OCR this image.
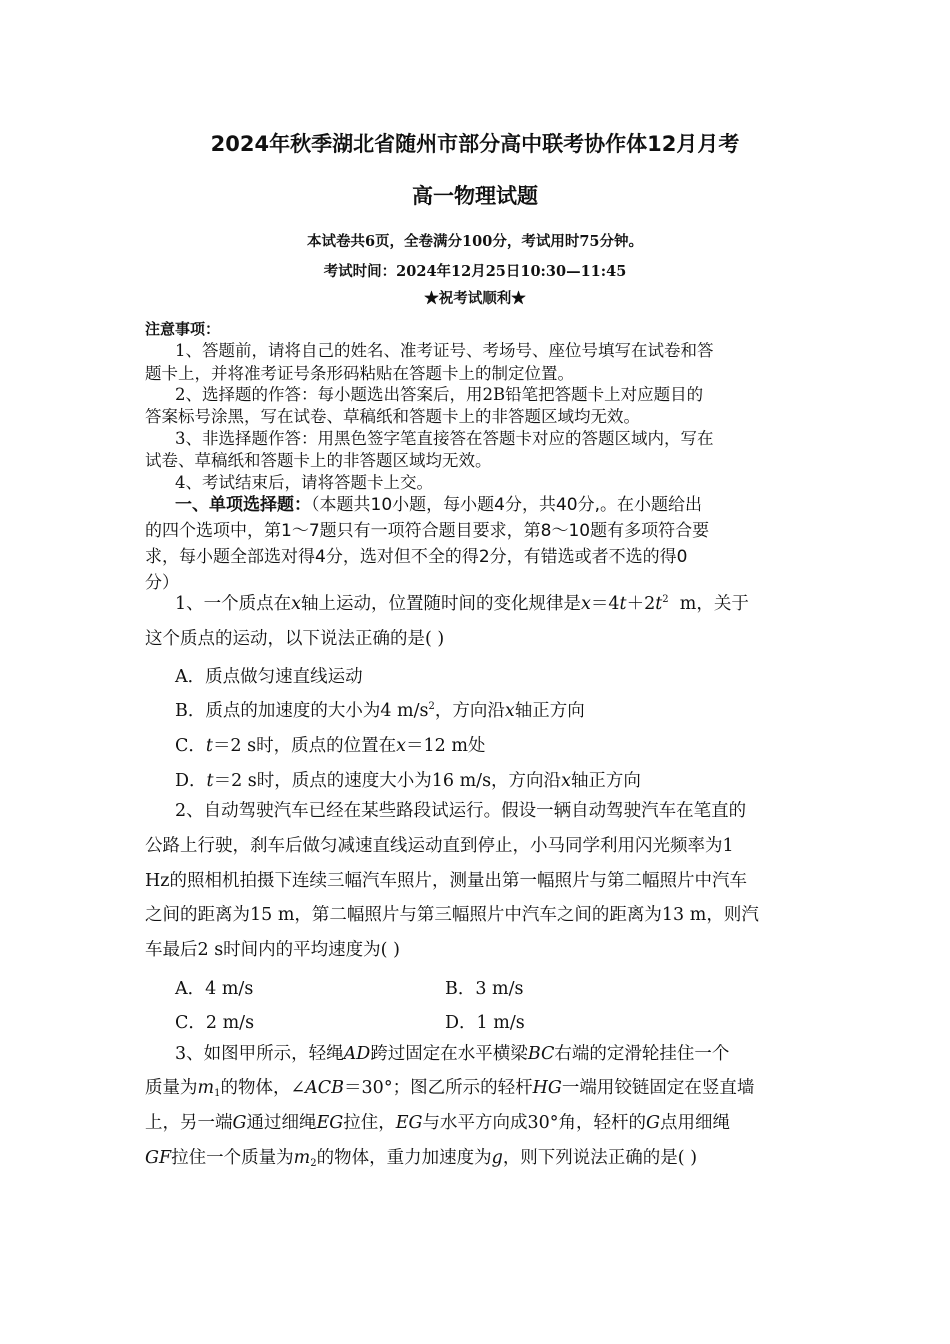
2024年秋季湖北省随州市部分高中联考协作体12月月考
高一物理试题
本试卷共6页，全卷满分100分，考试用时75分钟。
考试时间：2024年12月25日10:30—11:45
★祝考试顺利★
注意事项：
1、答题前，请将自己的姓名、准考证号、考场号、座位号填写在试卷和答
题卡上，并将准考证号条形码粘贴在答题卡上的制定位置。
2、选择题的作答：每小题选出答案后，用2B铅笔把答题卡上对应题目的
答案标号涂黑，写在试卷、草稿纸和答题卡上的非答题区域均无效。
3、非选择题作答：用黑色签字笔直接答在答题卡对应的答题区域内，写在
试卷、草稿纸和答题卡上的非答题区域均无效。
4、考试结束后，请将答题卡上交。
一、单项选择题：（本题共10小题，每小题4分，共40分,。在小题给出
的四个选项中，第1～7题只有一项符合题目要求，第8～10题有多项符合要
求，每小题全部选对得4分，选对但不全的得2分，有错选或者不选的得0
分）
1、一个质点在x轴上运动，位置随时间的变化规律是$x=4t+2t^2$ m，关于
这个质点的运动，以下说法正确的是( )
A．质点做匀速直线运动
B．质点的加速度的大小为4 $m/s^2$，方向沿x轴正方向
C．t＝2 s时，质点的位置在x＝12 m处
D．t＝2 s时，质点的速度大小为16 m/s，方向沿x轴正方向
2、自动驾驶汽车已经在某些路段试运行。假设一辆自动驾驶汽车在笔直的
公路上行驶，刹车后做匀减速直线运动直到停止，小马同学利用闪光频率为1
Hz的照相机拍摄下连续三幅汽车照片，测量出第一幅照片与第二幅照片中汽车
之间的距离为15 m，第二幅照片与第三幅照片中汽车之间的距离为13 m，则汽
车最后2 s时间内的平均速度为( )
A．4 m/s	B．3 m/s
C．2 m/s	D．1 m/s
3、如图甲所示，轻绳AD跨过固定在水平横梁BC右端的定滑轮挂住一个
质量为$m_1$的物体，∠ACB＝30°；图乙所示的轻杆HG一端用铰链固定在竖直墙
上，另一端G通过细绳EG拉住，EG与水平方向成30°角，轻杆的G点用细绳
GF拉住一个质量为$m_2$的物体，重力加速度为g，则下列说法正确的是( )
